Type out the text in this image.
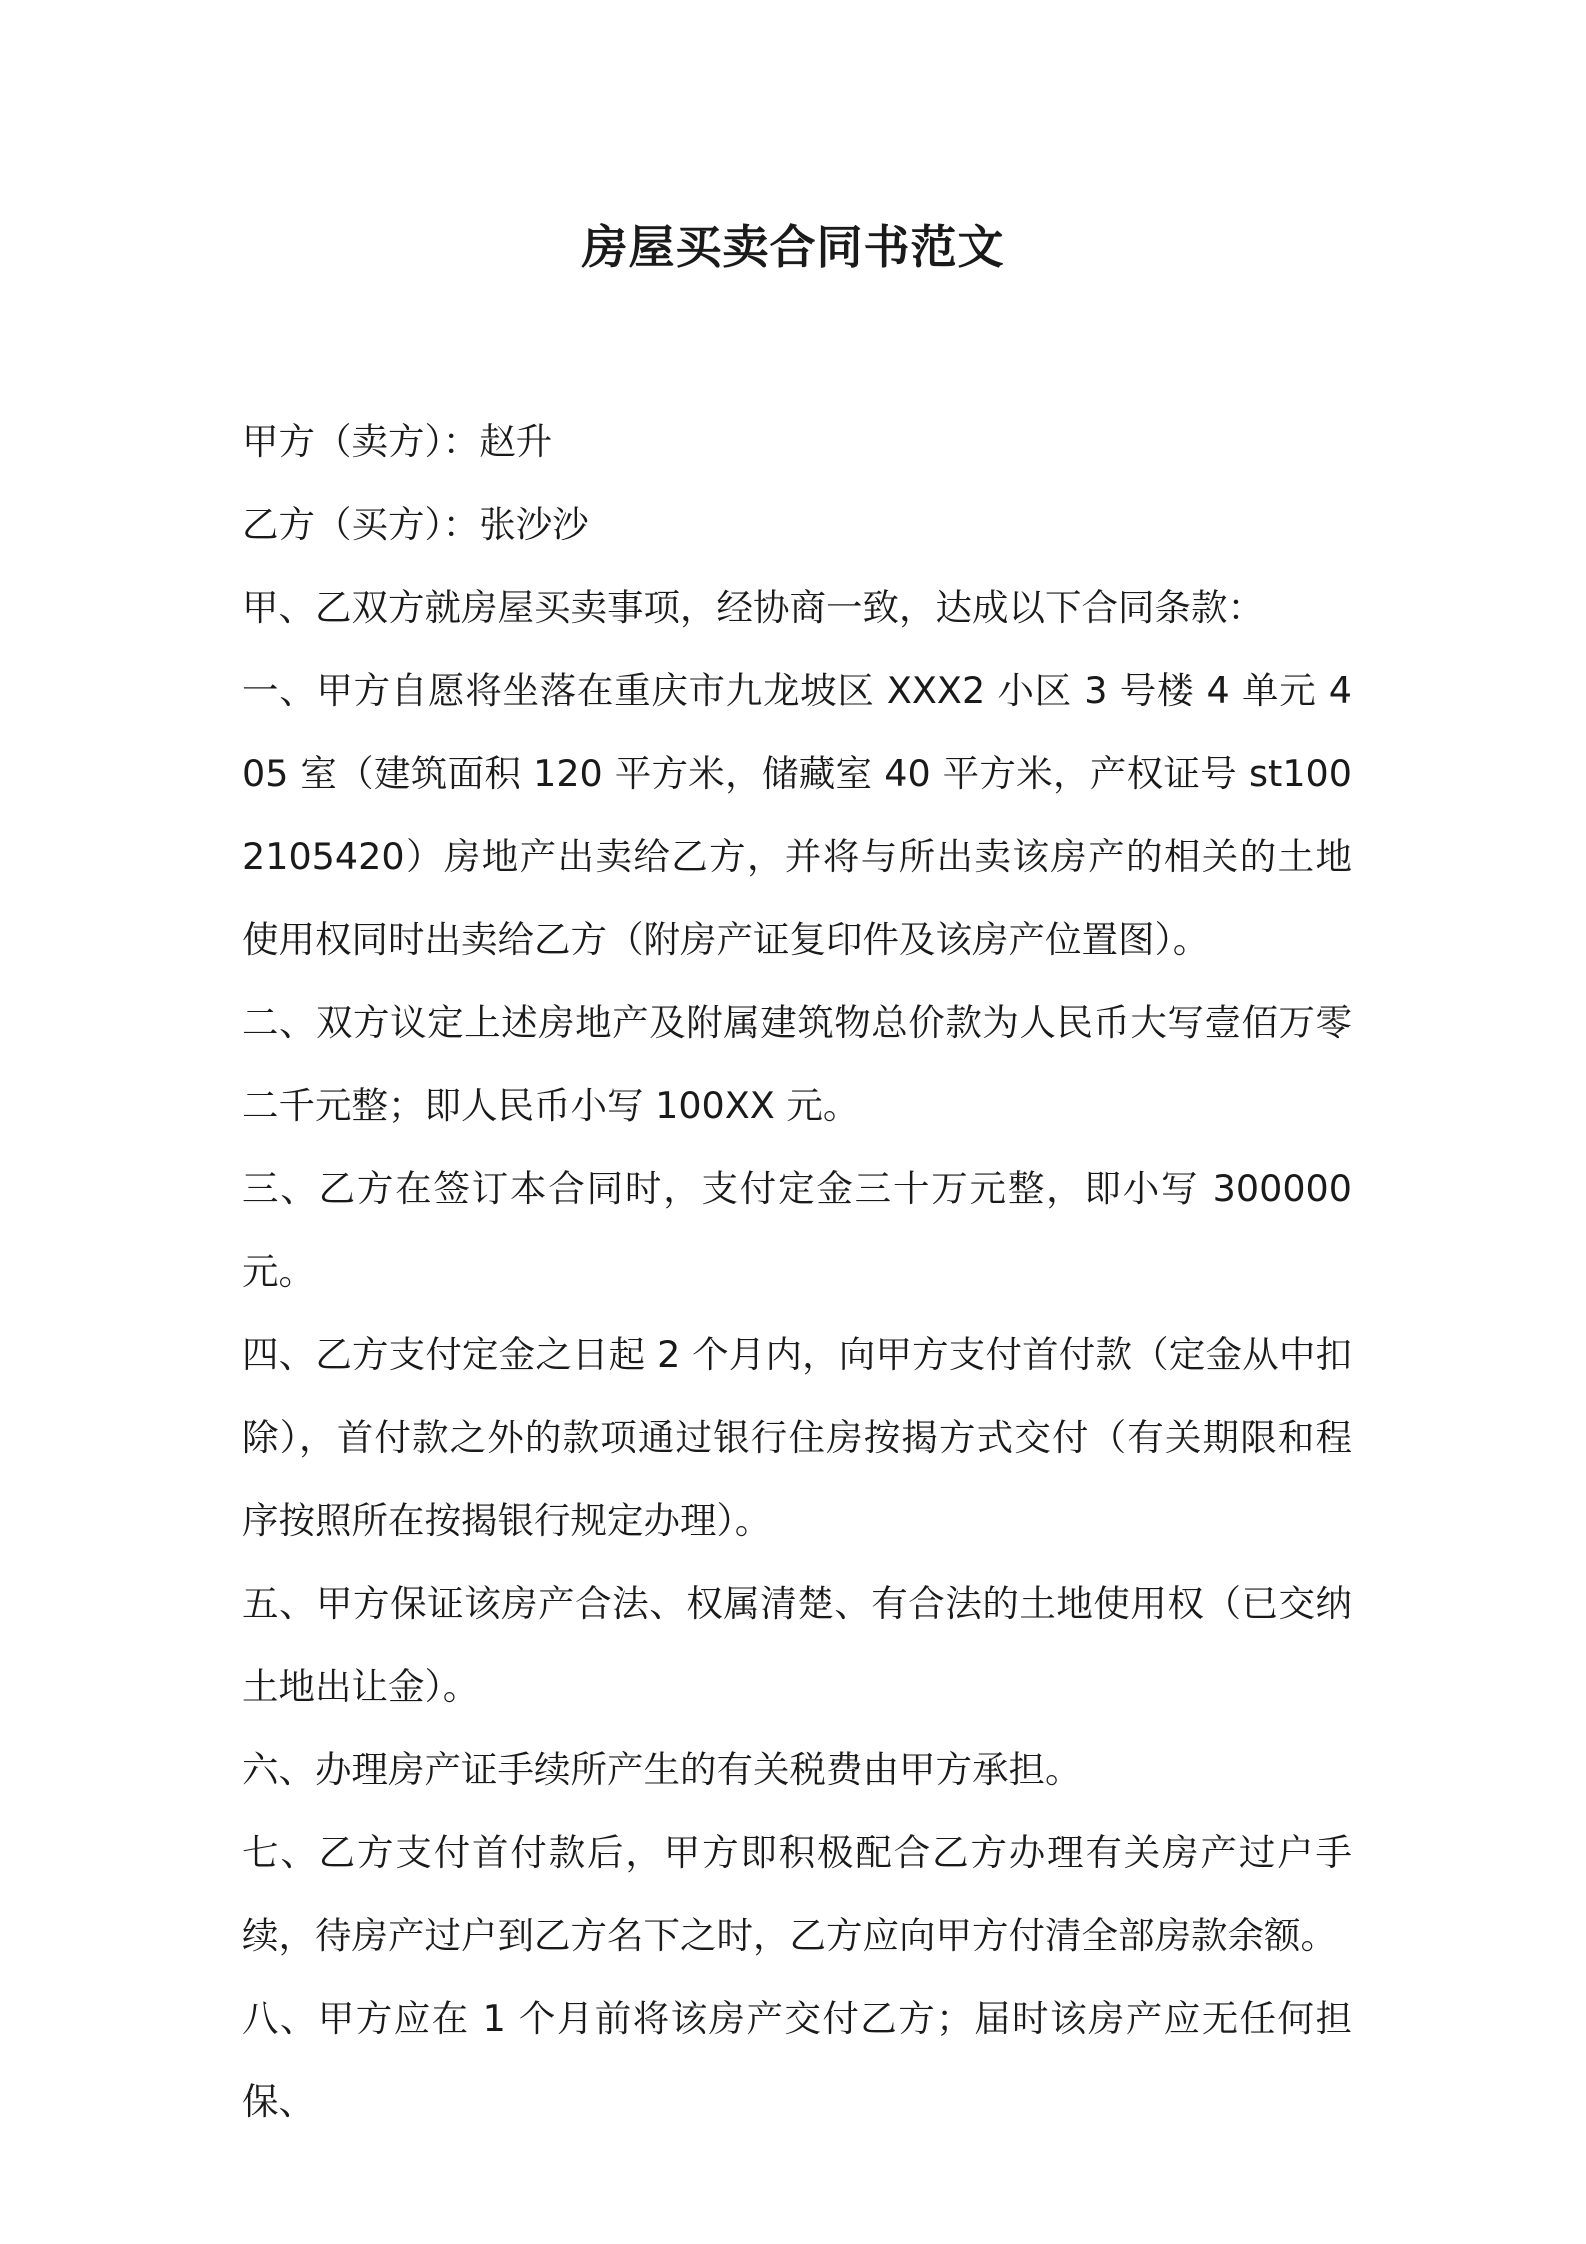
房屋买卖合同书范文

甲方（卖方）：赵升

乙方（买方）：张沙沙

甲、乙双方就房屋买卖事项，经协商一致，达成以下合同条款：

一、甲方自愿将坐落在重庆市九龙坡区 XXX2 小区 3 号楼 4 单元 405 室（建筑面积 120 平方米，储藏室 40 平方米，产权证号 st1002105420）房地产出卖给乙方，并将与所出卖该房产的相关的土地使用权同时出卖给乙方（附房产证复印件及该房产位置图）。

二、双方议定上述房地产及附属建筑物总价款为人民币大写壹佰万零二千元整；即人民币小写 100XX 元。

三、乙方在签订本合同时，支付定金三十万元整，即小写 300000 元。

四、乙方支付定金之日起 2 个月内，向甲方支付首付款（定金从中扣除），首付款之外的款项通过银行住房按揭方式交付（有关期限和程序按照所在按揭银行规定办理）。

五、甲方保证该房产合法、权属清楚、有合法的土地使用权（已交纳土地出让金）。

六、办理房产证手续所产生的有关税费由甲方承担。

七、乙方支付首付款后，甲方即积极配合乙方办理有关房产过户手续，待房产过户到乙方名下之时，乙方应向甲方付清全部房款余额。

八、甲方应在 1 个月前将该房产交付乙方；届时该房产应无任何担保、
